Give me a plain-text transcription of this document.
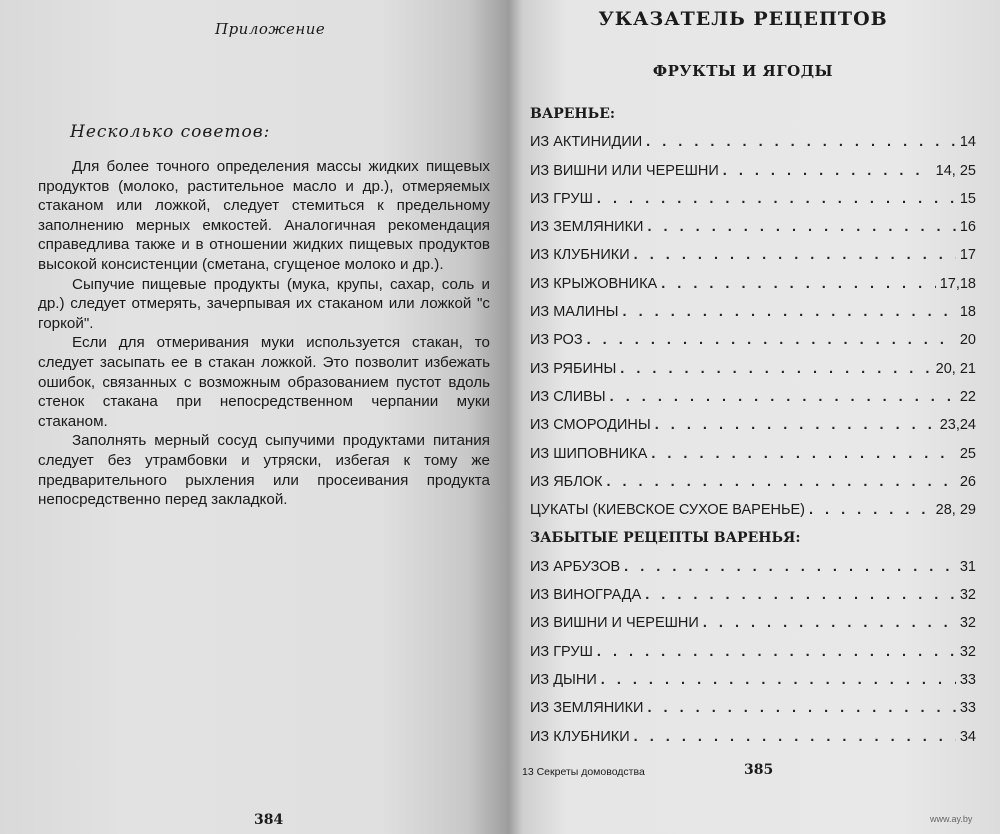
Приложение
Несколько советов:

Для более точного определения массы жидких пищевых продуктов (молоко, растительное масло и др.), отмеряемых стаканом или ложкой, следует стемиться к предельному заполнению мерных емкостей. Аналогичная рекомендация справедлива также и в отношении жидких пищевых продуктов высокой консистенции (сметана, сгущеное молоко и др.).

Сыпучие пищевые продукты (мука, крупы, сахар, соль и др.) следует отмерять, зачерпывая их стаканом или ложкой "с горкой".

Если для отмеривания муки используется стакан, то следует засыпать ее в стакан ложкой. Это позволит избежать ошибок, связанных с возможным образованием пустот вдоль стенок стакана при непосредственном черпании муки стаканом.

Заполнять мерный сосуд сыпучими продуктами питания следует без утрамбовки и утряски, избегая к тому же предварительного рыхления или просеивания продукта непосредственно перед закладкой.

384
УКАЗАТЕЛЬ РЕЦЕПТОВ
ФРУКТЫ И ЯГОДЫ
ВАРЕНЬЕ:
ИЗ АКТИНИДИИ . . .	14
ИЗ ВИШНИ ИЛИ ЧЕРЕШНИ . . .	14, 25
ИЗ ГРУШ . . .	15
ИЗ ЗЕМЛЯНИКИ . . .	16
ИЗ КЛУБНИКИ . . .	17
ИЗ КРЫЖОВНИКА . . .	17,18
ИЗ МАЛИНЫ . . .	18
ИЗ РОЗ . . .	20
ИЗ РЯБИНЫ . . .	20, 21
ИЗ СЛИВЫ . . .	22
ИЗ СМОРОДИНЫ . . .	23,24
ИЗ ШИПОВНИКА . . .	25
ИЗ ЯБЛОК . . .	26
ЦУКАТЫ (КИЕВСКОЕ СУХОЕ ВАРЕНЬЕ) . . .	28, 29
ЗАБЫТЫЕ РЕЦЕПТЫ ВАРЕНЬЯ:
ИЗ АРБУЗОВ . . .	31
ИЗ ВИНОГРАДА . . .	32
ИЗ ВИШНИ И ЧЕРЕШНИ . . .	32
ИЗ ГРУШ . . .	32
ИЗ ДЫНИ . . .	33
ИЗ ЗЕМЛЯНИКИ . . .	33
ИЗ КЛУБНИКИ . . .	34
13 Секреты домоводства	385
www.ay.by
